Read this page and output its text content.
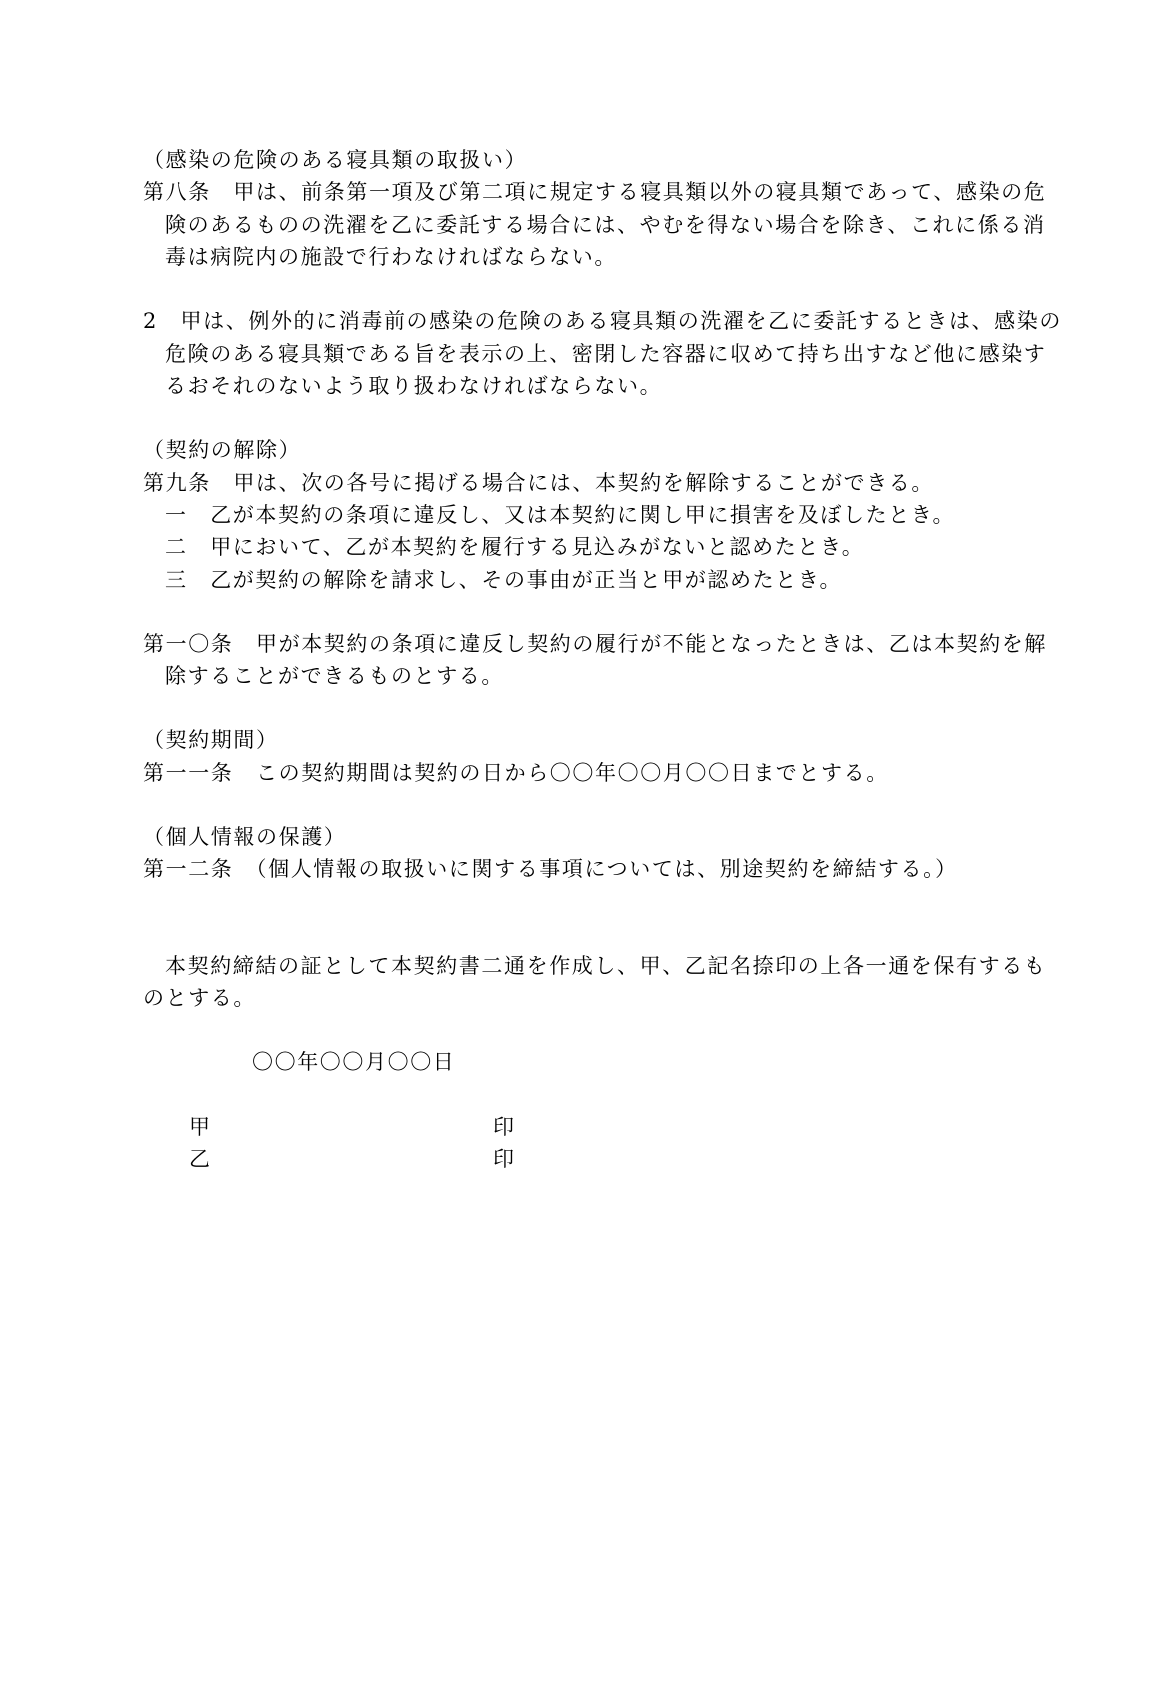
（感染の危険のある寝具類の取扱い）
第八条　甲は、前条第一項及び第二項に規定する寝具類以外の寝具類であって、感染の危
険のあるものの洗濯を乙に委託する場合には、やむを得ない場合を除き、これに係る消
毒は病院内の施設で行わなければならない。
2　甲は、例外的に消毒前の感染の危険のある寝具類の洗濯を乙に委託するときは、感染の
危険のある寝具類である旨を表示の上、密閉した容器に収めて持ち出すなど他に感染す
るおそれのないよう取り扱わなければならない。
（契約の解除）
第九条　甲は、次の各号に掲げる場合には、本契約を解除することができる。
一　乙が本契約の条項に違反し、又は本契約に関し甲に損害を及ぼしたとき。
二　甲において、乙が本契約を履行する見込みがないと認めたとき。
三　乙が契約の解除を請求し、その事由が正当と甲が認めたとき。
第一〇条　甲が本契約の条項に違反し契約の履行が不能となったときは、乙は本契約を解
除することができるものとする。
（契約期間）
第一一条　この契約期間は契約の日から〇〇年〇〇月〇〇日までとする。
（個人情報の保護）
第一二条　（個人情報の取扱いに関する事項については、別途契約を締結する。）
本契約締結の証として本契約書二通を作成し、甲、乙記名捺印の上各一通を保有するも
のとする。
〇〇年〇〇月〇〇日
甲	印
乙	印
